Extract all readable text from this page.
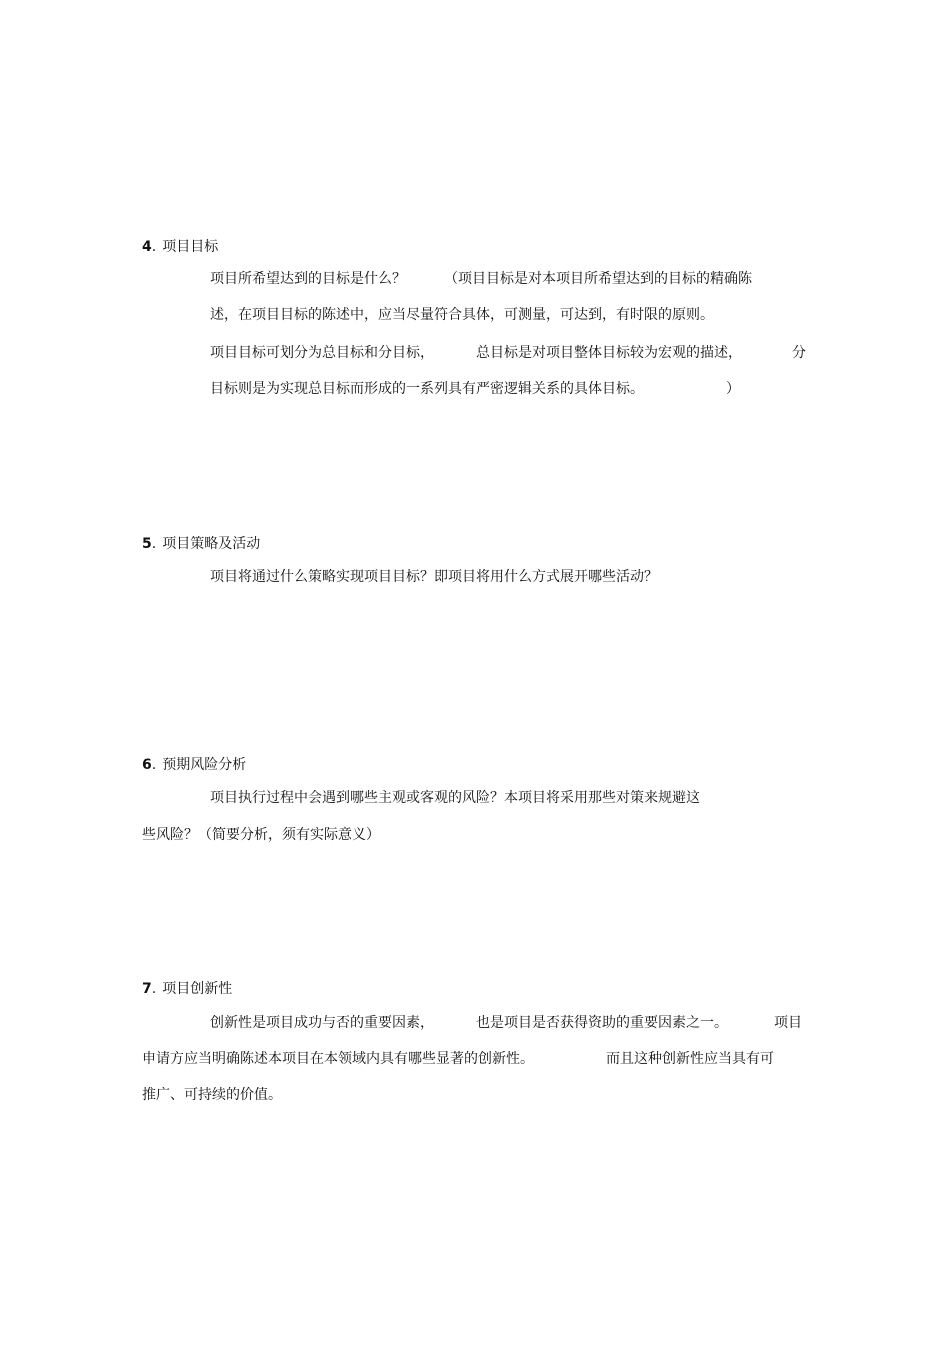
4. 项目目标
项目所希望达到的目标是什么？	（项目目标是对本项目所希望达到的目标的精确陈
述，在项目目标的陈述中，应当尽量符合具体，可测量，可达到，有时限的原则。
项目目标可划分为总目标和分目标，	总目标是对项目整体目标较为宏观的描述，	分
目标则是为实现总目标而形成的一系列具有严密逻辑关系的具体目标。	）
5. 项目策略及活动
项目将通过什么策略实现项目目标？即项目将用什么方式展开哪些活动？
6. 预期风险分析
项目执行过程中会遇到哪些主观或客观的风险？本项目将采用那些对策来规避这
些风险？（简要分析，须有实际意义）
7. 项目创新性
创新性是项目成功与否的重要因素，	也是项目是否获得资助的重要因素之一。	项目
申请方应当明确陈述本项目在本领域内具有哪些显著的创新性。	而且这种创新性应当具有可
推广、可持续的价值。
